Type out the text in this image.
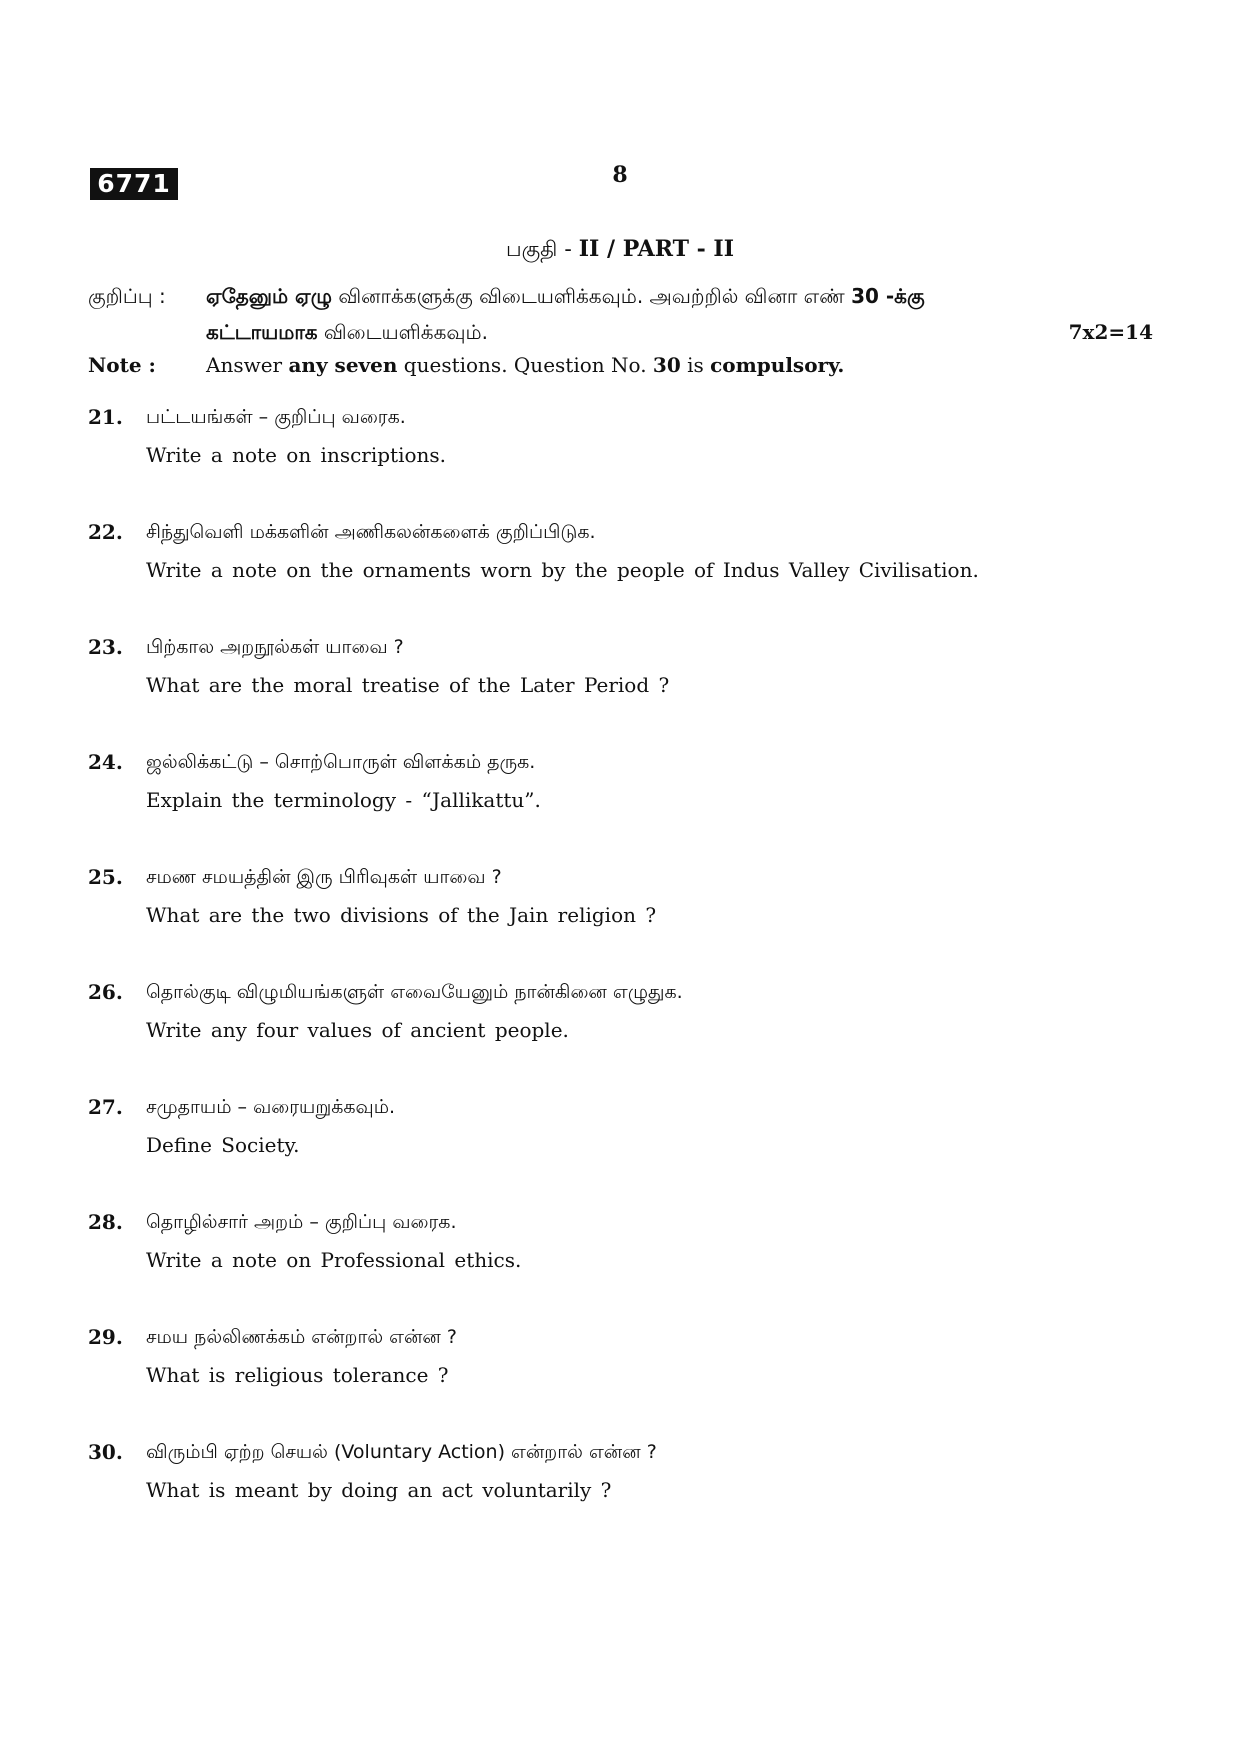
6771	8
பகுதி - II / PART - II
குறிப்பு : ஏதேனும் ஏழு வினாக்களுக்கு விடையளிக்கவும். அவற்றில் வினா எண் 30 -க்கு
கட்டாயமாக விடையளிக்கவும்.	7x2=14
Note :	Answer any seven questions. Question No. 30 is compulsory.
21. பட்டயங்கள் – குறிப்பு வரைக.
Write a note on inscriptions.
22. சிந்துவெளி மக்களின் அணிகலன்களைக் குறிப்பிடுக.
Write a note on the ornaments worn by the people of Indus Valley Civilisation.
23. பிற்கால அறநூல்கள் யாவை ?
What are the moral treatise of the Later Period ?
24. ஜல்லிக்கட்டு – சொற்பொருள் விளக்கம் தருக.
Explain the terminology - “Jallikattu”.
25. சமண சமயத்தின் இரு பிரிவுகள் யாவை ?
What are the two divisions of the Jain religion ?
26. தொல்குடி விழுமியங்களுள் எவையேனும் நான்கினை எழுதுக.
Write any four values of ancient people.
27. சமுதாயம் – வரையறுக்கவும்.
Define Society.
28. தொழில்சார் அறம் – குறிப்பு வரைக.
Write a note on Professional ethics.
29. சமய நல்லிணக்கம் என்றால் என்ன ?
What is religious tolerance ?
30. விரும்பி ஏற்ற செயல் (Voluntary Action) என்றால் என்ன ?
What is meant by doing an act voluntarily ?
